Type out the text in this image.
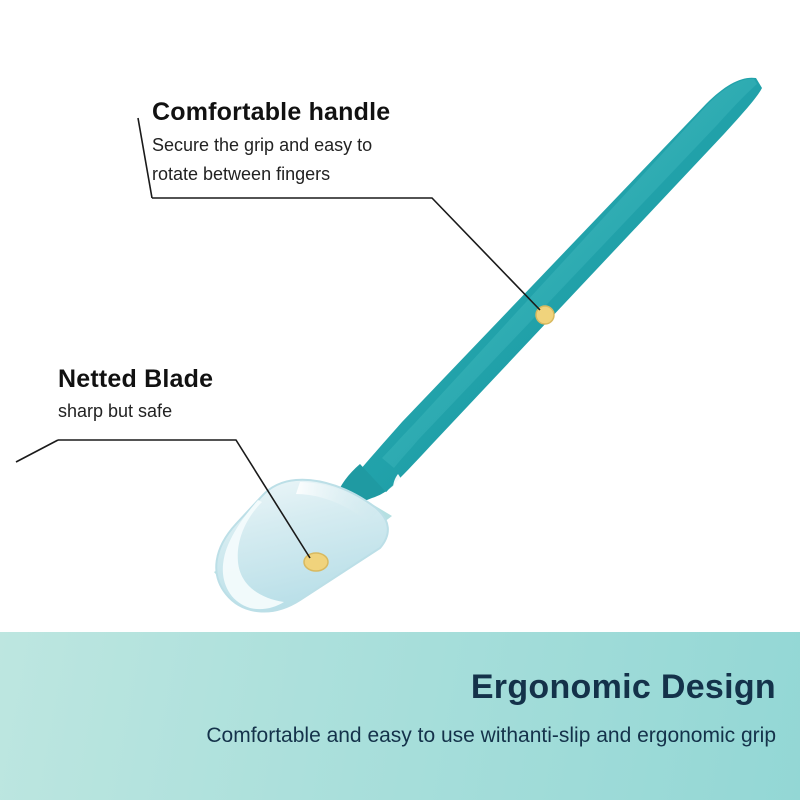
Comfortable handle
Secure the grip and easy to
rotate between fingers
Netted Blade
sharp but safe
Ergonomic Design
Comfortable and easy to use withanti-slip and ergonomic grip
